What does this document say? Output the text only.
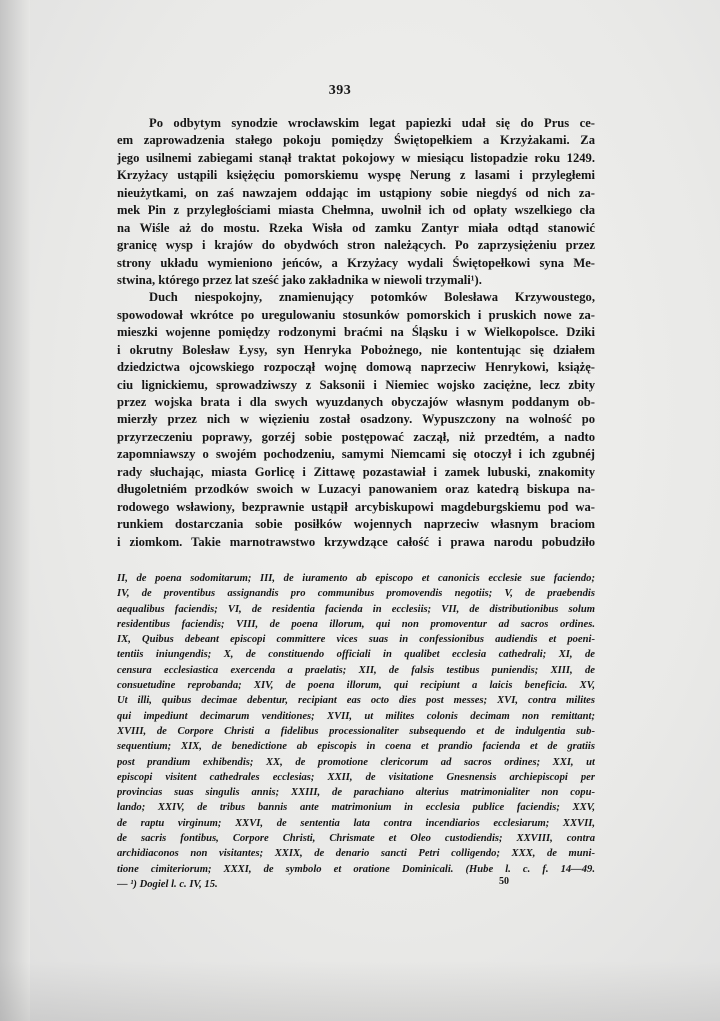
393
Po odbytym synodzie wrocławskim legat papiezki udał się do Prus ce-
em zaprowadzenia stałego pokoju pomiędzy Świętopełkiem a Krzyżakami. Za
jego usilnemi zabiegami stanął traktat pokojowy w miesiącu listopadzie roku 1249.
Krzyżacy ustąpili księżęciu pomorskiemu wyspę Nerung z lasami i przyległemi
nieużytkami, on zaś nawzajem oddając im ustąpiony sobie niegdyś od nich za-
mek Pin z przyległościami miasta Chełmna, uwolnił ich od opłaty wszelkiego cła
na Wiśle aż do mostu. Rzeka Wisła od zamku Zantyr miała odtąd stanowić
granicę wysp i krajów do obydwóch stron należących. Po zaprzysiężeniu przez
strony układu wymieniono jeńców, a Krzyżacy wydali Świętopełkowi syna Me-
stwina, którego przez lat sześć jako zakładnika w niewoli trzymali¹).
Duch niespokojny, znamienujący potomków Bolesława Krzywoustego,
spowodował wkrótce po uregulowaniu stosunków pomorskich i pruskich nowe za-
mieszki wojenne pomiędzy rodzonymi braćmi na Śląsku i w Wielkopolsce. Dziki
i okrutny Bolesław Łysy, syn Henryka Pobożnego, nie kontentując się działem
dziedzictwa ojcowskiego rozpoczął wojnę domową naprzeciw Henrykowi, książę-
ciu lignickiemu, sprowadziwszy z Saksonii i Niemiec wojsko zaciężne, lecz zbity
przez wojska brata i dla swych wyuzdanych obyczajów własnym poddanym ob-
mierzły przez nich w więzieniu został osadzony. Wypuszczony na wolność po
przyrzeczeniu poprawy, gorzéj sobie postępować zaczął, niż przedtém, a nadto
zapomniawszy o swojém pochodzeniu, samymi Niemcami się otoczył i ich zgubnéj
rady słuchając, miasta Gorlicę i Zittawę pozastawiał i zamek lubuski, znakomity
długoletniém przodków swoich w Luzacyi panowaniem oraz katedrą biskupa na-
rodowego wsławiony, bezprawnie ustąpił arcybiskupowi magdeburgskiemu pod wa-
runkiem dostarczania sobie posiłków wojennych naprzeciw własnym braciom
i ziomkom. Takie marnotrawstwo krzywdzące całość i prawa narodu pobudziło
II, de poena sodomitarum; III, de iuramento ab episcopo et canonicis ecclesie sue faciendo;
IV, de proventibus assignandis pro communibus promovendis negotiis; V, de praebendis
aequalibus faciendis; VI, de residentia facienda in ecclesiis; VII, de distributionibus solum
residentibus faciendis; VIII, de poena illorum, qui non promoventur ad sacros ordines.
IX, Quibus debeant episcopi committere vices suas in confessionibus audiendis et poeni-
tentiis iniungendis; X, de constituendo officiali in qualibet ecclesia cathedrali; XI, de
censura ecclesiastica exercenda a praelatis; XII, de falsis testibus puniendis; XIII, de
consuetudine reprobanda; XIV, de poena illorum, qui recipiunt a laicis beneficia. XV,
Ut illi, quibus decimae debentur, recipiant eas octo dies post messes; XVI, contra milites
qui impediunt decimarum venditiones; XVII, ut milites colonis decimam non remittant;
XVIII, de Corpore Christi a fidelibus processionaliter subsequendo et de indulgentia sub-
sequentium; XIX, de benedictione ab episcopis in coena et prandio facienda et de gratiis
post prandium exhibendis; XX, de promotione clericorum ad sacros ordines; XXI, ut
episcopi visitent cathedrales ecclesias; XXII, de visitatione Gnesnensis archiepiscopi per
provincias suas singulis annis; XXIII, de parachiano alterius matrimonialiter non copu-
lando; XXIV, de tribus bannis ante matrimonium in ecclesia publice faciendis; XXV,
de raptu virginum; XXVI, de sententia lata contra incendiarios ecclesiarum; XXVII,
de sacris fontibus, Corpore Christi, Chrismate et Oleo custodiendis; XXVIII, contra
archidiaconos non visitantes; XXIX, de denario sancti Petri colligendo; XXX, de muni-
tione cimiteriorum; XXXI, de symbolo et oratione Dominicali. (Hube l. c. f. 14—49.
— ¹) Dogiel l. c. IV, 15.	50
